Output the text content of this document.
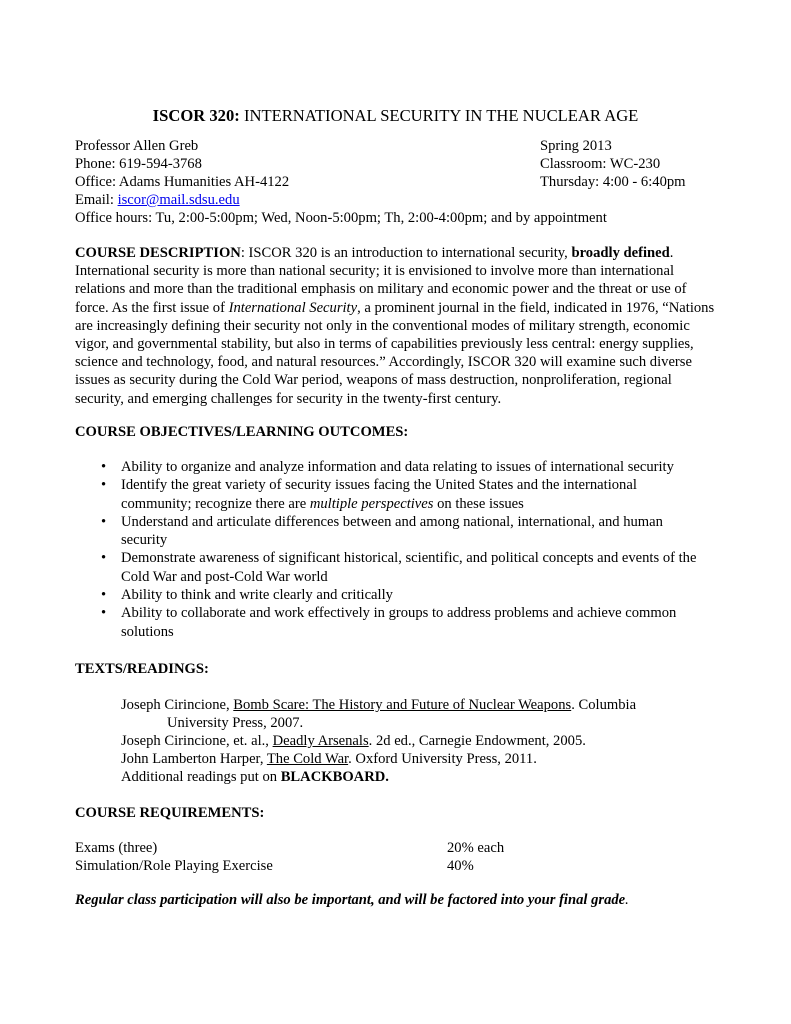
ISCOR 320: INTERNATIONAL SECURITY IN THE NUCLEAR AGE
Professor Allen Greb	Spring 2013
Phone: 619-594-3768	Classroom: WC-230
Office: Adams Humanities AH-4122	Thursday: 4:00 - 6:40pm
Email: iscor@mail.sdsu.edu
Office hours: Tu, 2:00-5:00pm; Wed, Noon-5:00pm; Th, 2:00-4:00pm; and by appointment
COURSE DESCRIPTION: ISCOR 320 is an introduction to international security, broadly defined. International security is more than national security; it is envisioned to involve more than international relations and more than the traditional emphasis on military and economic power and the threat or use of force. As the first issue of International Security, a prominent journal in the field, indicated in 1976, “Nations are increasingly defining their security not only in the conventional modes of military strength, economic vigor, and governmental stability, but also in terms of capabilities previously less central: energy supplies, science and technology, food, and natural resources.” Accordingly, ISCOR 320 will examine such diverse issues as security during the Cold War period, weapons of mass destruction, nonproliferation, regional security, and emerging challenges for security in the twenty-first century.
COURSE OBJECTIVES/LEARNING OUTCOMES:
• Ability to organize and analyze information and data relating to issues of international security
• Identify the great variety of security issues facing the United States and the international community; recognize there are multiple perspectives on these issues
• Understand and articulate differences between and among national, international, and human security
• Demonstrate awareness of significant historical, scientific, and political concepts and events of the Cold War and post-Cold War world
• Ability to think and write clearly and critically
• Ability to collaborate and work effectively in groups to address problems and achieve common solutions
TEXTS/READINGS:
Joseph Cirincione, Bomb Scare: The History and Future of Nuclear Weapons. Columbia
University Press, 2007.
Joseph Cirincione, et. al., Deadly Arsenals. 2d ed., Carnegie Endowment, 2005.
John Lamberton Harper, The Cold War. Oxford University Press, 2011.
Additional readings put on BLACKBOARD.
COURSE REQUIREMENTS:
Exams (three)	20% each
Simulation/Role Playing Exercise	40%
Regular class participation will also be important, and will be factored into your final grade.
